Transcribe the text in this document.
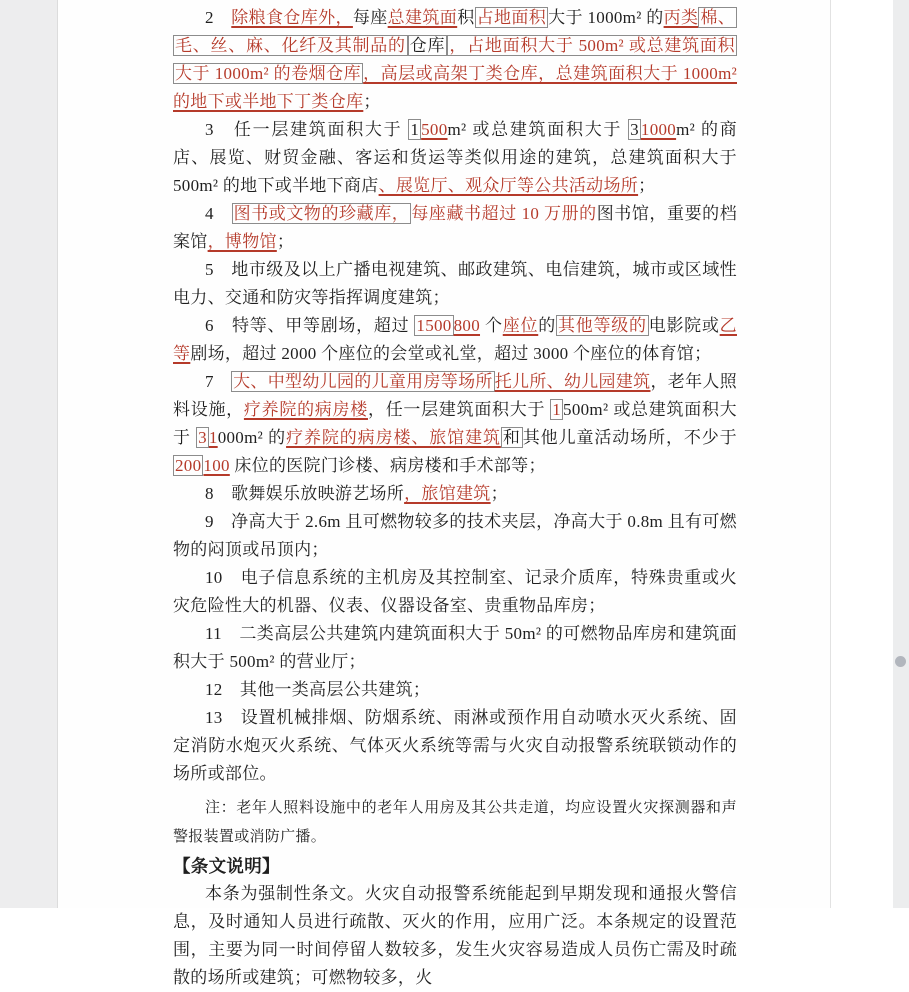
2　除粮食仓库外，每座总建筑面积 占地面积 大于 1000m² 的丙类 棉、毛、丝、麻、化纤及其制品的 仓库 ，占地面积大于 500m² 或总建筑面积大于 1000m² 的卷烟仓库 ，高层或高架丁类仓库，总建筑面积大于 1000m² 的地下或半地下丁类仓库；

3　任一层建筑面积大于 1 500m² 或总建筑面积大于 3 1000m² 的商店、展览、财贸金融、客运和货运等类似用途的建筑，总建筑面积大于 500m² 的地下或半地下商店、展览厅、观众厅等公共活动场所；

4　图书或文物的珍藏库， 每座藏书超过 10 万册的图书馆，重要的档案馆，博物馆；

5　地市级及以上广播电视建筑、邮政建筑、电信建筑，城市或区域性电力、交通和防灾等指挥调度建筑；

6　特等、甲等剧场，超过 1500 800 个座位的 其他等级的 电影院或乙等剧场，超过 2000 个座位的会堂或礼堂，超过 3000 个座位的体育馆；

7　大、中型幼儿园的儿童用房等场所 托儿所、幼儿园建筑，老年人照料设施，疗养院的病房楼，任一层建筑面积大于 1 500m² 或总建筑面积大于 3 1000m² 的疗养院的病房楼、旅馆建筑 和 其他儿童活动场所，不少于 200 100 床位的医院门诊楼、病房楼和手术部等；

8　歌舞娱乐放映游艺场所，旅馆建筑；

9　净高大于 2.6m 且可燃物较多的技术夹层，净高大于 0.8m 且有可燃物的闷顶或吊顶内；

10　电子信息系统的主机房及其控制室、记录介质库，特殊贵重或火灾危险性大的机器、仪表、仪器设备室、贵重物品库房；

11　二类高层公共建筑内建筑面积大于 50m² 的可燃物品库房和建筑面积大于 500m² 的营业厅；

12　其他一类高层公共建筑；

13　设置机械排烟、防烟系统、雨淋或预作用自动喷水灭火系统、固定消防水炮灭火系统、气体灭火系统等需与火灾自动报警系统联锁动作的场所或部位。

注：老年人照料设施中的老年人用房及其公共走道，均应设置火灾探测器和声警报装置或消防广播。

【条文说明】

本条为强制性条文。火灾自动报警系统能起到早期发现和通报火警信息，及时通知人员进行疏散、灭火的作用，应用广泛。本条规定的设置范围，主要为同一时间停留人数较多，发生火灾容易造成人员伤亡需及时疏散的场所或建筑；可燃物较多，火
